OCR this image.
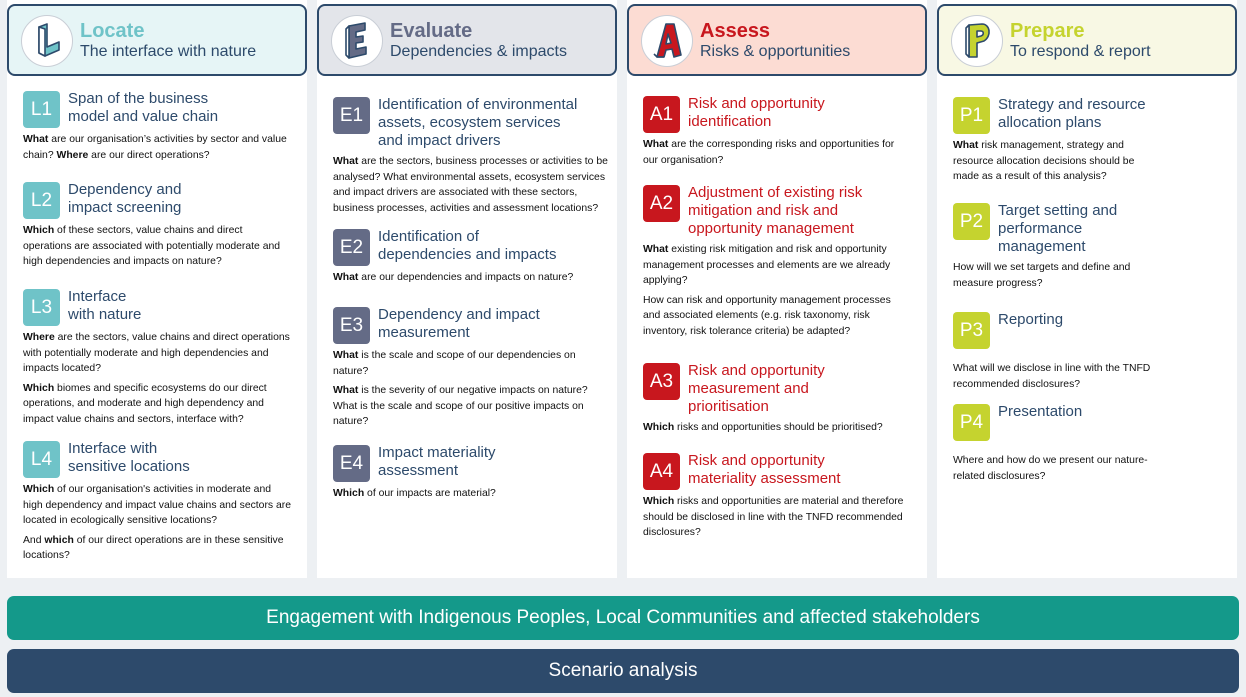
Locate
The interface with nature
L1	Span of the business
model and value chain
What are our organisation’s activities by sector and value chain? Where are our direct operations?
L2	Dependency and
impact screening
Which of these sectors, value chains and direct operations are associated with potentially moderate and high dependencies and impacts on nature?
L3	Interface
with nature
Where are the sectors, value chains and direct operations with potentially moderate and high dependencies and impacts located?
Which biomes and specific ecosystems do our direct operations, and moderate and high dependency and impact value chains and sectors, interface with?
L4	Interface with
sensitive locations
Which of our organisation's activities in moderate and high dependency and impact value chains and sectors are located in ecologically sensitive locations?
And which of our direct operations are in these sensitive locations?
Evaluate
Dependencies & impacts
E1 Identification of environmental
assets, ecosystem services
and impact drivers
What are the sectors, business processes or activities to be analysed? What environmental assets, ecosystem services and impact drivers are associated with these sectors, business processes, activities and assessment locations?
E2 Identification of
dependencies and impacts
What are our dependencies and impacts on nature?
E3 Dependency and impact
measurement
What is the scale and scope of our dependencies on nature?
What is the severity of our negative impacts on nature? What is the scale and scope of our positive impacts on nature?
E4 Impact materiality
assessment
Which of our impacts are material?
Assess
Risks & opportunities
A1 Risk and opportunity
identification
What are the corresponding risks and opportunities for our organisation?
A2 Adjustment of existing risk
mitigation and risk and
opportunity management
What existing risk mitigation and risk and opportunity management processes and elements are we already applying?
How can risk and opportunity management processes and associated elements (e.g. risk taxonomy, risk inventory, risk tolerance criteria) be adapted?
A3 Risk and opportunity
measurement and
prioritisation
Which risks and opportunities should be prioritised?
A4 Risk and opportunity
materiality assessment
Which risks and opportunities are material and therefore should be disclosed in line with the TNFD recommended disclosures?
Prepare
To respond & report
P1 Strategy and resource
allocation plans
What risk management, strategy and resource allocation decisions should be made as a result of this analysis?
P2 Target setting and
performance
management
How will we set targets and define and measure progress?
P3 Reporting
What will we disclose in line with the TNFD recommended disclosures?
P4 Presentation
Where and how do we present our nature-related disclosures?
Engagement with Indigenous Peoples, Local Communities and affected stakeholders
Scenario analysis
